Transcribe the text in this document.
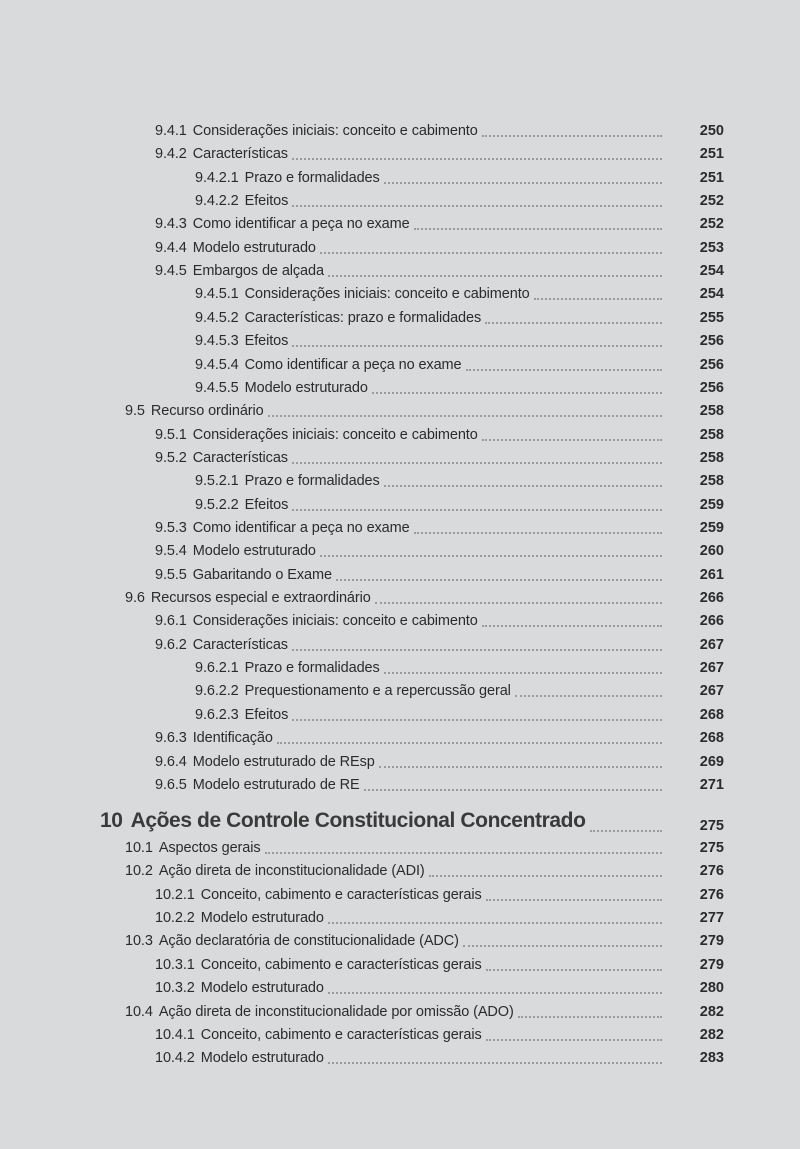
9.4.1 Considerações iniciais: conceito e cabimento	250
9.4.2 Características	251
9.4.2.1 Prazo e formalidades	251
9.4.2.2 Efeitos	252
9.4.3 Como identificar a peça no exame	252
9.4.4 Modelo estruturado	253
9.4.5 Embargos de alçada	254
9.4.5.1 Considerações iniciais: conceito e cabimento	254
9.4.5.2 Características: prazo e formalidades	255
9.4.5.3 Efeitos	256
9.4.5.4 Como identificar a peça no exame	256
9.4.5.5 Modelo estruturado	256
9.5 Recurso ordinário	258
9.5.1 Considerações iniciais: conceito e cabimento	258
9.5.2 Características	258
9.5.2.1 Prazo e formalidades	258
9.5.2.2 Efeitos	259
9.5.3 Como identificar a peça no exame	259
9.5.4 Modelo estruturado	260
9.5.5 Gabaritando o Exame	261
9.6 Recursos especial e extraordinário	266
9.6.1 Considerações iniciais: conceito e cabimento	266
9.6.2 Características	267
9.6.2.1 Prazo e formalidades	267
9.6.2.2 Prequestionamento e a repercussão geral	267
9.6.2.3 Efeitos	268
9.6.3 Identificação	268
9.6.4 Modelo estruturado de REsp	269
9.6.5 Modelo estruturado de RE	271
10 Ações de Controle Constitucional Concentrado	275
10.1 Aspectos gerais	275
10.2 Ação direta de inconstitucionalidade (ADI)	276
10.2.1 Conceito, cabimento e características gerais	276
10.2.2 Modelo estruturado	277
10.3 Ação declaratória de constitucionalidade (ADC)	279
10.3.1 Conceito, cabimento e características gerais	279
10.3.2 Modelo estruturado	280
10.4 Ação direta de inconstitucionalidade por omissão (ADO)	282
10.4.1 Conceito, cabimento e características gerais	282
10.4.2 Modelo estruturado	283
